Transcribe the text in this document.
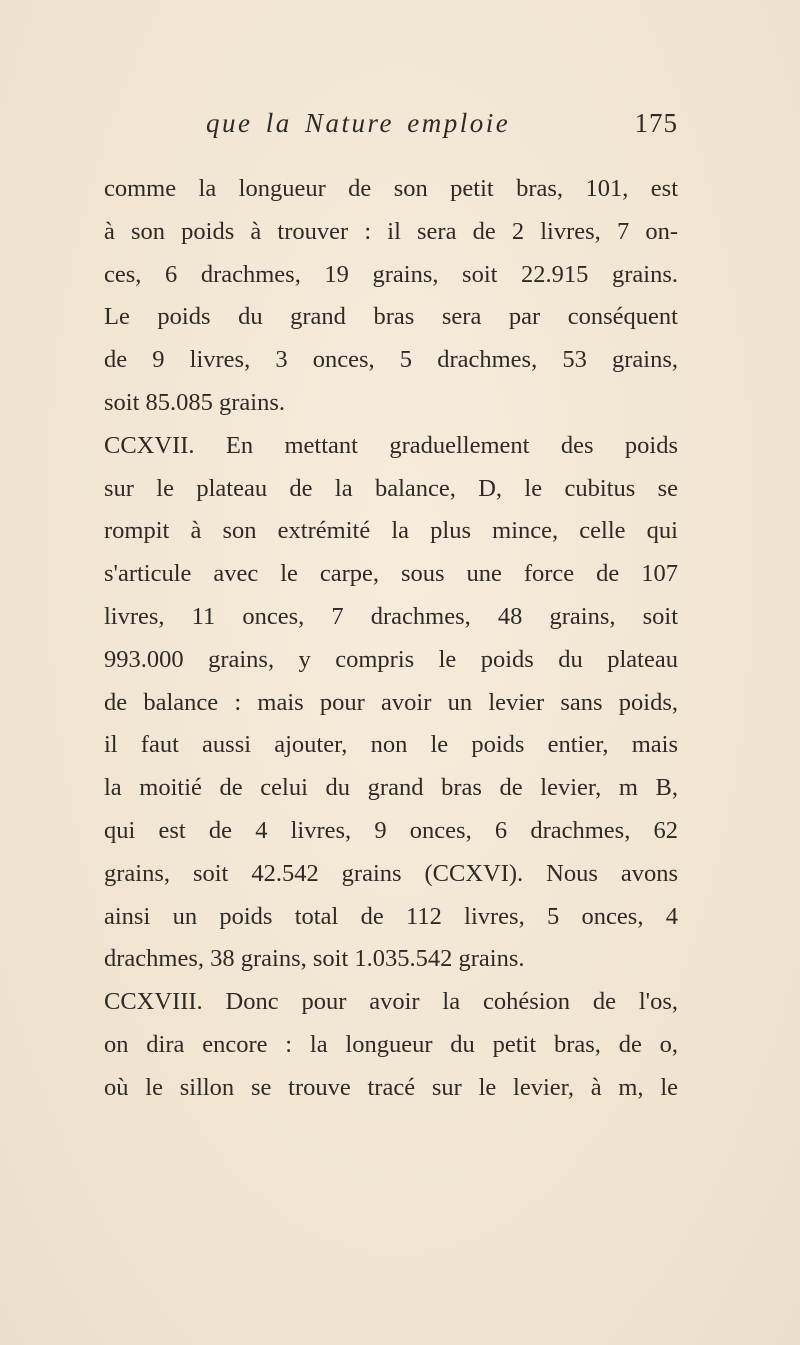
que la Nature emploie	175
comme la longueur de son petit bras, 101, est
à son poids à trouver : il sera de 2 livres, 7 on-
ces, 6 drachmes, 19 grains, soit 22.915 grains.
Le poids du grand bras sera par conséquent
de 9 livres, 3 onces, 5 drachmes, 53 grains,
soit 85.085 grains.
CCXVII. En mettant graduellement des poids
sur le plateau de la balance, D, le cubitus se
rompit à son extrémité la plus mince, celle qui
s'articule avec le carpe, sous une force de 107
livres, 11 onces, 7 drachmes, 48 grains, soit
993.000 grains, y compris le poids du plateau
de balance : mais pour avoir un levier sans poids,
il faut aussi ajouter, non le poids entier, mais
la moitié de celui du grand bras de levier, m B,
qui est de 4 livres, 9 onces, 6 drachmes, 62
grains, soit 42.542 grains (CCXVI). Nous avons
ainsi un poids total de 112 livres, 5 onces, 4
drachmes, 38 grains, soit 1.035.542 grains.
CCXVIII. Donc pour avoir la cohésion de l'os,
on dira encore : la longueur du petit bras, de o,
où le sillon se trouve tracé sur le levier, à m, le
